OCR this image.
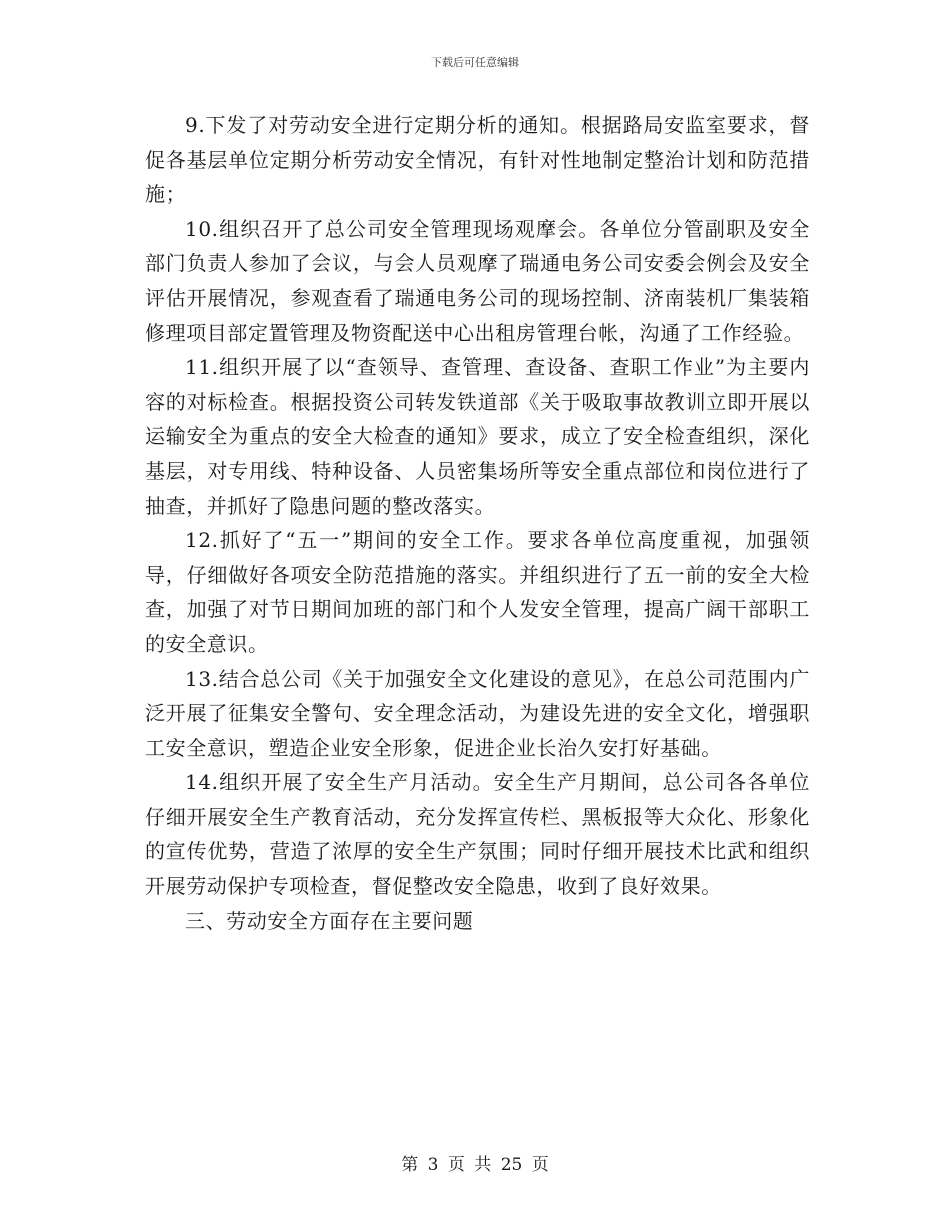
下载后可任意编辑

9.下发了对劳动安全进行定期分析的通知。根据路局安监室要求，督促各基层单位定期分析劳动安全情况，有针对性地制定整治计划和防范措施；

10.组织召开了总公司安全管理现场观摩会。各单位分管副职及安全部门负责人参加了会议，与会人员观摩了瑞通电务公司安委会例会及安全评估开展情况，参观查看了瑞通电务公司的现场控制、济南装机厂集装箱修理项目部定置管理及物资配送中心出租房管理台帐，沟通了工作经验。

11.组织开展了以“查领导、查管理、查设备、查职工作业”为主要内容的对标检查。根据投资公司转发铁道部《关于吸取事故教训立即开展以运输安全为重点的安全大检查的通知》要求，成立了安全检查组织，深化基层，对专用线、特种设备、人员密集场所等安全重点部位和岗位进行了抽查，并抓好了隐患问题的整改落实。

12.抓好了“五一”期间的安全工作。要求各单位高度重视，加强领导，仔细做好各项安全防范措施的落实。并组织进行了五一前的安全大检查，加强了对节日期间加班的部门和个人发安全管理，提高广阔干部职工的安全意识。

13.结合总公司《关于加强安全文化建设的意见》，在总公司范围内广泛开展了征集安全警句、安全理念活动，为建设先进的安全文化，增强职工安全意识，塑造企业安全形象，促进企业长治久安打好基础。

14.组织开展了安全生产月活动。安全生产月期间，总公司各各单位仔细开展安全生产教育活动，充分发挥宣传栏、黑板报等大众化、形象化的宣传优势，营造了浓厚的安全生产氛围；同时仔细开展技术比武和组织开展劳动保护专项检查，督促整改安全隐患，收到了良好效果。

三、劳动安全方面存在主要问题

第 3 页 共 25 页
